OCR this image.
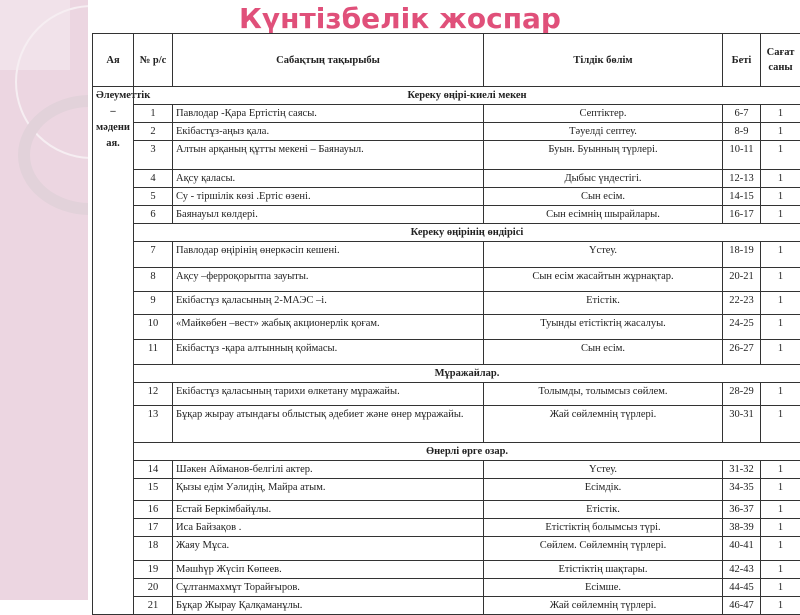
Күнтізбелік жоспар
Ая	№ р/с	Сабақтың тақырыбы	Тілдік бөлім	Беті	Сағат саны
Әлеуметтік – мәдени ая.	Кереку өңірі-киелі мекен				
	1	Павлодар -Қара Ертістің саясы.	Септіктер.	6-7	1
	2	Екібастұз-аңыз қала.	Тәуелді септеу.	8-9	1
	3	Алтын арқаның құтты мекені – Баянауыл.	Буын. Буынның түрлері.	10-11	1
	4	Ақсу қаласы.	Дыбыс үндестігі.	12-13	1
	5	Су - тіршілік көзі .Ертіс өзені.	Сын есім.	14-15	1
	6	Баянауыл көлдері.	Сын есімнің шырайлары.	16-17	1
	Кереку өңірінің өндірісі				
	7	Павлодар өңірінің өнеркәсіп кешені.	Үстеу.	18-19	1
	8	Ақсу –ферроқорытпа зауыты.	Сын есім жасайтын жұрнақтар.	20-21	1
	9	Екібастұз қаласының 2-МАЭС –і.	Етістік.	22-23	1
	10	«Майкөбен –вест» жабық акционерлік қоғам.	Туынды етістіктің жасалуы.	24-25	1
	11	Екібастұз -қара алтынның қоймасы.	Сын есім.	26-27	1
	Мұражайлар.				
	12	Екібастұз қаласының тарихи өлкетану мұражайы.	Толымды, толымсыз сөйлем.	28-29	1
	13	Бұқар жырау атындағы облыстық әдебиет және өнер мұражайы.	Жай сөйлемнің түрлері.	30-31	1
	Өнерлі өрге озар.				
	14	Шәкен Айманов-белгілі актер.	Үстеу.	31-32	1
	15	Қызы едім Уәлидің, Майра атым.	Есімдік.	34-35	1
	16	Естай Беркімбайұлы.	Етістік.	36-37	1
	17	Иса Байзақов .	Етістіктің болымсыз түрі.	38-39	1
	18	Жаяу Мұса.	Сөйлем. Сөйлемнің түрлері.	40-41	1
	19	Мәшһүр Жүсіп Көпеев.	Етістіктің шақтары.	42-43	1
	20	Сұлтанмахмұт Торайғыров.	Есімше.	44-45	1
	21	Бұқар Жырау Қалқаманұлы.	Жай сөйлемнің түрлері.	46-47	1
